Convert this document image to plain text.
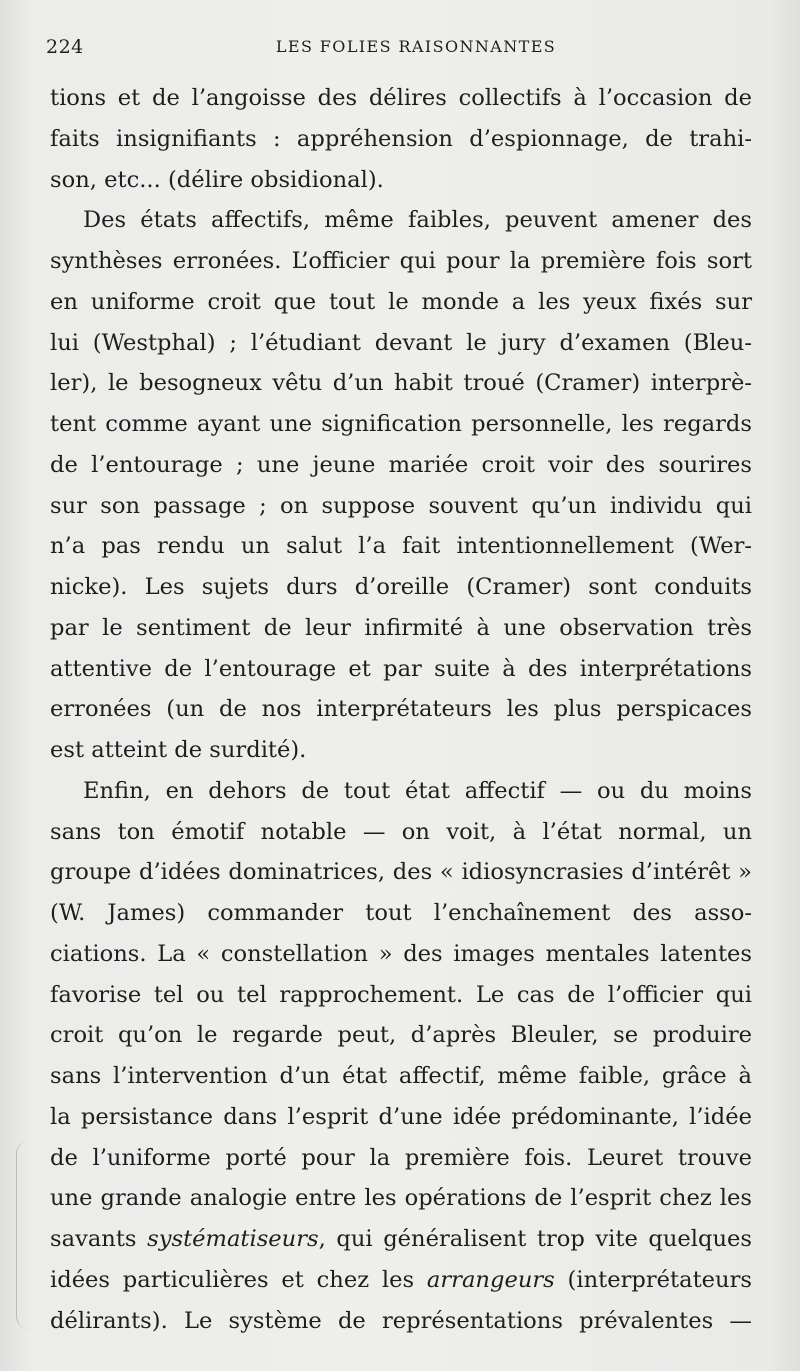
224	LES FOLIES RAISONNANTES
tions et de l’angoisse des délires collectifs à l’occasion de
faits insignifiants : appréhension d’espionnage, de trahi-
son, etc... (délire obsidional).
Des états affectifs, même faibles, peuvent amener des
synthèses erronées. L’officier qui pour la première fois sort
en uniforme croit que tout le monde a les yeux fixés sur
lui (Westphal) ; l’étudiant devant le jury d’examen (Bleu-
ler), le besogneux vêtu d’un habit troué (Cramer) interprè-
tent comme ayant une signification personnelle, les regards
de l’entourage ; une jeune mariée croit voir des sourires
sur son passage ; on suppose souvent qu’un individu qui
n’a pas rendu un salut l’a fait intentionnellement (Wer-
nicke). Les sujets durs d’oreille (Cramer) sont conduits
par le sentiment de leur infirmité à une observation très
attentive de l’entourage et par suite à des interprétations
erronées (un de nos interprétateurs les plus perspicaces
est atteint de surdité).
Enfin, en dehors de tout état affectif — ou du moins
sans ton émotif notable — on voit, à l’état normal, un
groupe d’idées dominatrices, des « idiosyncrasies d’intérêt »
(W. James) commander tout l’enchaînement des asso-
ciations. La « constellation » des images mentales latentes
favorise tel ou tel rapprochement. Le cas de l’officier qui
croit qu’on le regarde peut, d’après Bleuler, se produire
sans l’intervention d’un état affectif, même faible, grâce à
la persistance dans l’esprit d’une idée prédominante, l’idée
de l’uniforme porté pour la première fois. Leuret trouve
une grande analogie entre les opérations de l’esprit chez les
savants systématiseurs, qui généralisent trop vite quelques
idées particulières et chez les arrangeurs (interprétateurs
délirants). Le système de représentations prévalentes —
